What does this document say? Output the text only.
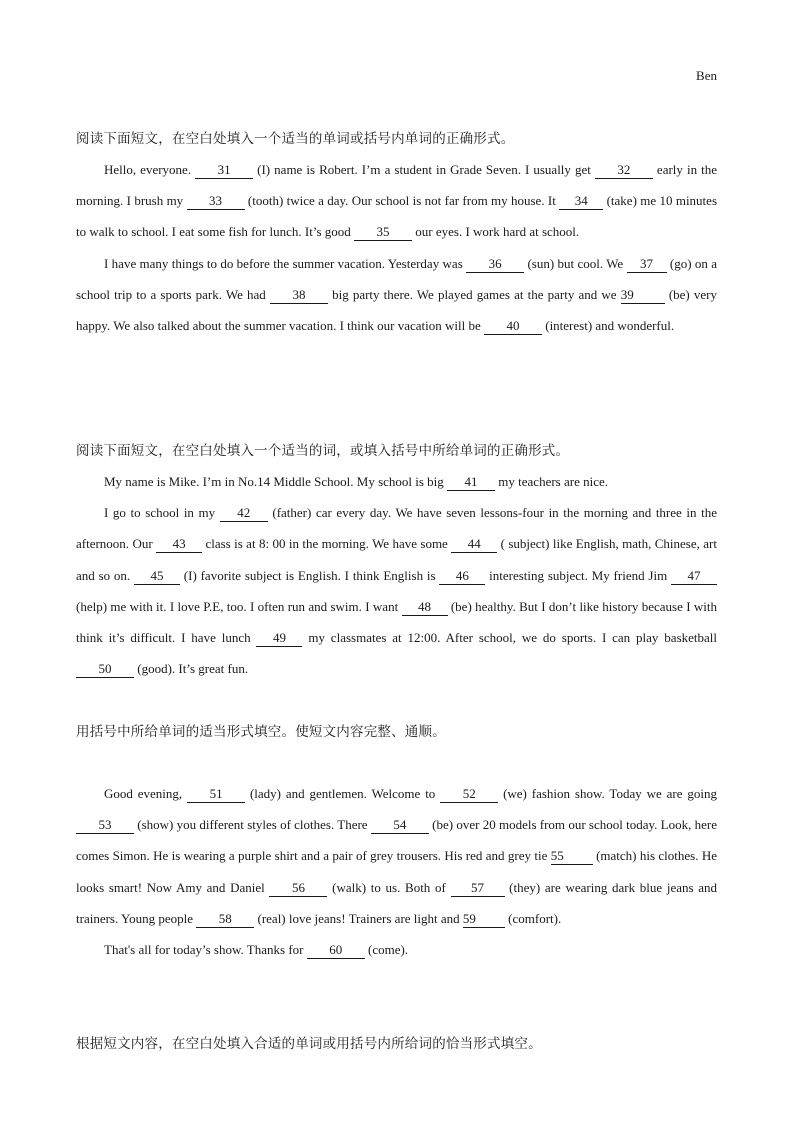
Ben
阅读下面短文，在空白处填入一个适当的单词或括号内单词的正确形式。
Hello, everyone. 31 (I) name is Robert. I’m a student in Grade Seven. I usually get 32 early in the morning. I brush my 33 (tooth) twice a day. Our school is not far from my house. It 34 (take) me 10 minutes to walk to school. I eat some fish for lunch. It’s good 35 our eyes. I work hard at school.
I have many things to do before the summer vacation. Yesterday was 36 (sun) but cool. We 37 (go) on a school trip to a sports park. We had 38 big party there. We played games at the party and we 39 (be) very happy. We also talked about the summer vacation. I think our vacation will be 40 (interest) and wonderful.
阅读下面短文，在空白处填入一个适当的词，或填入括号中所给单词的正确形式。
My name is Mike. I’m in No.14 Middle School. My school is big 41 my teachers are nice.
I go to school in my 42 (father) car every day. We have seven lessons-four in the morning and three in the afternoon. Our 43 class is at 8: 00 in the morning. We have some 44 ( subject) like English, math, Chinese, art and so on. 45 (I) favorite subject is English. I think English is 46 interesting subject. My friend Jim 47 (help) me with it. I love P.E, too. I often run and swim. I want 48 (be) healthy. But I don’t like history because I with think it’s difficult. I have lunch 49 my classmates at 12:00. After school, we do sports. I can play basketball 50 (good). It’s great fun.
用括号中所给单词的适当形式填空。使短文内容完整、通顺。
Good evening, 51 (lady) and gentlemen. Welcome to 52 (we) fashion show. Today we are going 53 (show) you different styles of clothes. There 54 (be) over 20 models from our school today. Look, here comes Simon. He is wearing a purple shirt and a pair of grey trousers. His red and grey tie 55 (match) his clothes. He looks smart! Now Amy and Daniel 56 (walk) to us. Both of 57 (they) are wearing dark blue jeans and trainers. Young people 58 (real) love jeans! Trainers are light and 59 (comfort).
That's all for today’s show. Thanks for 60 (come).
根据短文内容，在空白处填入合适的单词或用括号内所给词的恰当形式填空。
